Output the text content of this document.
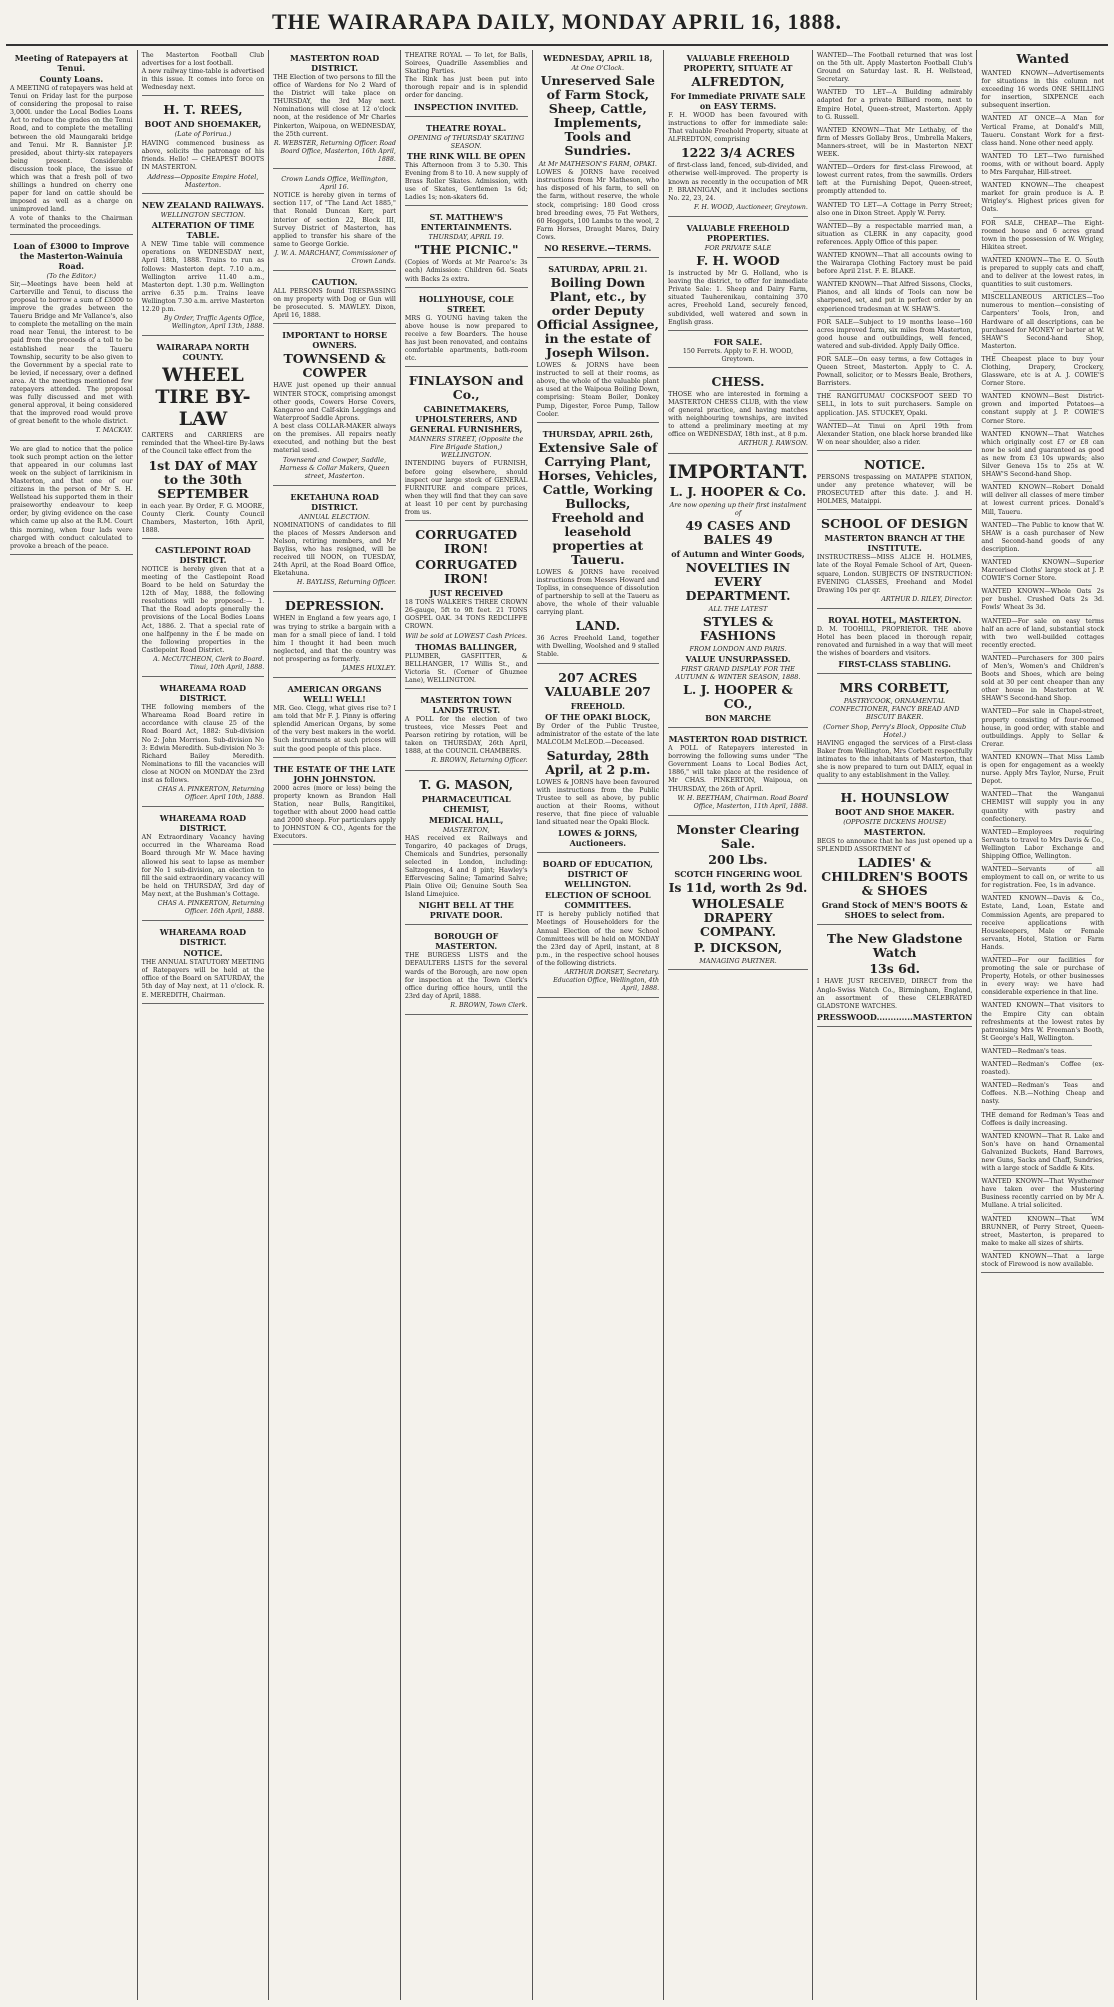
THE WAIRARAPA DAILY, MONDAY APRIL 16, 1888.
Meeting of Ratepayers at Tenui.
County Loans.

A MEETING of ratepayers was held at Tenui on Friday last for the purpose of considering the proposal to raise 3,000l. under the Local Bodies Loans Act to reduce the grades on the Tenui Road, and to complete the metalling between the old Maungaraki bridge and Tenui. Mr R. Bannister J.P. presided, about thirty-six ratepayers being present. Considerable discussion took place, the issue of which was that a fresh poll of two shillings a hundred on cherry one paper for land on cattle should be imposed as well as a charge on unimproved land.

A vote of thanks to the Chairman terminated the proceedings.

Loan of £3000 to Improve the Masterton-Wainuia Road.
(To the Editor.)

Sir,—Meetings have been held at Carterville and Tenui, to discuss the proposal to borrow a sum of £3000 to improve the grades between the Taueru Bridge and Mr Vallance's, also to complete the metalling on the main road near Tenui, the interest to be paid from the proceeds of a toll to be established near the Taueru Township, security to be also given to the Government by a special rate to be levied, if necessary, over a defined area. At the meetings mentioned few ratepayers attended. The proposal was fully discussed and met with general approval, it being considered that the improved road would prove of great benefit to the whole district.

T. MACKAY.

We are glad to notice that the police took such prompt action on the letter that appeared in our columns last week on the subject of larrikinism in Masterton, and that one of our citizens in the person of Mr S. H. Wellstead his supported them in their praiseworthy endeavour to keep order, by giving evidence on the case which came up also at the R.M. Court this morning, when four lads were charged with conduct calculated to provoke a breach of the peace.

The Masterton Football Club advertises for a lost football.

A new railway time-table is advertised in this issue. It comes into force on Wednesday next.

H. T. REES,
BOOT AND SHOEMAKER,
(Late of Porirua.)

HAVING commenced business as above, solicits the patronage of his friends. Hello! — CHEAPEST BOOTS IN MASTERTON.

Address—Opposite Empire Hotel, Masterton.
NEW ZEALAND RAILWAYS.
WELLINGTON SECTION.
ALTERATION OF TIME TABLE.

A NEW Time table will commence operations on WEDNESDAY next, April 18th, 1888. Trains to run as follows: Masterton dept. 7.10 a.m., Wellington arrive 11.40 a.m., Masterton dept. 1.30 p.m. Wellington arrive 6.35 p.m. Trains leave Wellington 7.30 a.m. arrive Masterton 12.20 p.m.

By Order, Traffic Agents Office, Wellington, April 13th, 1888.
WAIRARAPA NORTH COUNTY.
WHEEL TIRE BY-LAW

CARTERS and CARRIERS are reminded that the Wheel-tire By-laws of the Council take effect from the

1st DAY of MAY to the 30th SEPTEMBER

in each year. By Order, F. G. MOORE, County Clerk. County Council Chambers, Masterton, 16th April, 1888.

CASTLEPOINT ROAD DISTRICT.

NOTICE is hereby given that at a meeting of the Castlepoint Road Board to be held on Saturday the 12th of May, 1888, the following resolutions will be proposed:— 1. That the Road adopts generally the provisions of the Local Bodies Loans Act, 1886. 2. That a special rate of one halfpenny in the £ be made on the following properties in the Castlepoint Road District.

A. McCUTCHEON, Clerk to Board. Tinui, 10th April, 1888.
WHAREAMA ROAD DISTRICT.

THE following members of the Whareama Road Board retire in accordance with clause 25 of the Road Board Act, 1882: Sub-division No 2: John Morrison. Sub-division No 3: Edwin Meredith. Sub-division No 3: Richard Bailey Meredith. Nominations to fill the vacancies will close at NOON on MONDAY the 23rd inst as follows.

CHAS A. PINKERTON, Returning Officer. April 10th, 1888.
WHAREAMA ROAD DISTRICT.

AN Extraordinary Vacancy having occurred in the Whareama Road Board through Mr W. Mace having allowed his seat to lapse as member for No 1 sub-division, an election to fill the said extraordinary vacancy will be held on THURSDAY, 3rd day of May next, at the Bushman's Cottage.

CHAS A. PINKERTON, Returning Officer. 16th April, 1888.
WHAREAMA ROAD DISTRICT.
NOTICE.

THE ANNUAL STATUTORY MEETING of Ratepayers will be held at the office of the Board on SATURDAY, the 5th day of May next, at 11 o'clock. R. E. MEREDITH, Chairman.

MASTERTON ROAD DISTRICT.

THE Election of two persons to fill the office of Wardens for No 2 Ward of the District will take place on THURSDAY, the 3rd May next. Nominations will close at 12 o'clock noon, at the residence of Mr Charles Pinkerton, Waipoua, on WEDNESDAY, the 25th current.

R. WEBSTER, Returning Officer. Road Board Office, Masterton, 16th April, 1888.
Crown Lands Office, Wellington, April 16.

NOTICE is hereby given in terms of section 117, of "The Land Act 1885," that Ronald Duncan Kerr, part interior of section 22, Block III, Survey District of Masterton, has applied to transfer his share of the same to George Gorkie.

J. W. A. MARCHANT, Commissioner of Crown Lands.
CAUTION.

ALL PERSONS found TRESPASSING on my property with Dog or Gun will be prosecuted. S. MAWLEY. Dixon, April 16, 1888.

IMPORTANT to HORSE OWNERS.
TOWNSEND & COWPER

HAVE just opened up their annual WINTER STOCK, comprising amongst other goods, Cowers Horse Covers, Kangaroo and Calf-skin Leggings and Waterproof Saddle Aprons.

A best class COLLAR-MAKER always on the premises. All repairs neatly executed, and nothing but the best material used.

Townsend and Cowper, Saddle, Harness & Collar Makers, Queen street, Masterton.
EKETAHUNA ROAD DISTRICT.
ANNUAL ELECTION.

NOMINATIONS of candidates to fill the places of Messrs Anderson and Nelson, retiring members, and Mr Bayliss, who has resigned, will be received till NOON, on TUESDAY, 24th April, at the Road Board Office, Eketahuna.

H. BAYLISS, Returning Officer.
DEPRESSION.

WHEN in England a few years ago, I was trying to strike a bargain with a man for a small piece of land. I told him I thought it had been much neglected, and that the country was not prospering as formerly.

JAMES HUXLEY.
AMERICAN ORGANS WELL! WELL!

MR. Geo. Clegg, what gives rise to? I am told that Mr F. J. Pinny is offering splendid American Organs, by some of the very best makers in the world. Such instruments at such prices will suit the good people of this place.

THE ESTATE OF THE LATE JOHN JOHNSTON.

2000 acres (more or less) being the property known as Brandon Hall Station, near Bulls, Rangitikei, together with about 2000 head cattle and 2000 sheep. For particulars apply to JOHNSTON & CO., Agents for the Executors.

THEATRE ROYAL — To let, for Balls, Soirees, Quadrille Assemblies and Skating Parties.

The Rink has just been put into thorough repair and is in splendid order for dancing.

INSPECTION INVITED.
THEATRE ROYAL.
OPENING of THURSDAY SKATING SEASON.
THE RINK WILL BE OPEN

This Afternoon from 3 to 5.30. This Evening from 8 to 10. A new supply of Brass Roller Skates. Admission, with use of Skates, Gentlemen 1s 6d; Ladies 1s; non-skaters 6d.

ST. MATTHEW'S ENTERTAINMENTS.
THURSDAY, APRIL 19.
"THE PICNIC."

(Copies of Words at Mr Pearce's: 3s each) Admission: Children 6d. Seats with Backs 2s extra.

HOLLYHOUSE, COLE STREET.

MRS G. YOUNG having taken the above house is now prepared to receive a few Boarders. The house has just been renovated, and contains comfortable apartments, bath-room etc.

FINLAYSON and Co.,
CABINETMAKERS, UPHOLSTERERS, AND GENERAL FURNISHERS,
MANNERS STREET, (Opposite the Fire Brigade Station,) WELLINGTON.

INTENDING buyers of FURNISH, before going elsewhere, should inspect our large stock of GENERAL FURNITURE and compare prices, when they will find that they can save at least 10 per cent by purchasing from us.

CORRUGATED IRON!
CORRUGATED IRON!
JUST RECEIVED

18 TONS WALKER'S THREE CROWN 26-gauge, 5ft to 9ft feet. 21 TONS GOSPEL OAK. 34 TONS REDCLIFFE CROWN.

Will be sold at LOWEST Cash Prices.
THOMAS BALLINGER,

PLUMBER, GASFITTER, & BELLHANGER, 17 Willis St., and Victoria St. (Corner of Ghuznee Lane), WELLINGTON.

MASTERTON TOWN LANDS TRUST.

A POLL for the election of two trustees, vice Messrs Peet and Pearson retiring by rotation, will be taken on THURSDAY, 26th April, 1888, at the COUNCIL CHAMBERS.

R. BROWN, Returning Officer.
T. G. MASON,
PHARMACEUTICAL CHEMIST,
MEDICAL HALL,
MASTERTON,

HAS received ex Railways and Tongariro, 40 packages of Drugs, Chemicals and Sundries, personally selected in London, including: Saltzogenes, 4 and 8 pint; Hawley's Effervescing Saline; Tamarind Salve; Plain Olive Oil; Genuine South Sea Island Limejuice.

NIGHT BELL AT THE PRIVATE DOOR.
BOROUGH OF MASTERTON.

THE BURGESS LISTS and the DEFAULTERS LISTS for the several wards of the Borough, are now open for inspection at the Town Clerk's office during office hours, until the 23rd day of April, 1888.

R. BROWN, Town Clerk.
WEDNESDAY, APRIL 18,
At One O'Clock.
Unreserved Sale of Farm Stock, Sheep, Cattle, Implements, Tools and Sundries.
At Mr MATHESON'S FARM, OPAKI.

LOWES & JORNS have received instructions from Mr Matheson, who has disposed of his farm, to sell on the farm, without reserve, the whole stock, comprising: 180 Good cross bred breeding ewes, 75 Fat Wethers, 60 Hoggets, 100 Lambs to the wool, 2 Farm Horses, Draught Mares, Dairy Cows.

NO RESERVE.—TERMS.
SATURDAY, APRIL 21.
Boiling Down Plant, etc., by order Deputy Official Assignee, in the estate of Joseph Wilson.

LOWES & JORNS have been instructed to sell at their rooms, as above, the whole of the valuable plant as used at the Waipoua Boiling Down, comprising: Steam Boiler, Donkey Pump, Digester, Force Pump, Tallow Cooler.

THURSDAY, APRIL 26th,
Extensive Sale of Carrying Plant, Horses, Vehicles, Cattle, Working Bullocks, Freehold and leasehold properties at Taueru.

LOWES & JORNS have received instructions from Messrs Howard and Topliss, in consequence of dissolution of partnership to sell at the Taueru as above, the whole of their valuable carrying plant.

LAND.

36 Acres Freehold Land, together with Dwelling, Woolshed and 9 stalled Stable.

207 ACRES VALUABLE 207
FREEHOLD.
OF THE OPAKI BLOCK,

By Order of the Public Trustee, administrator of the estate of the late MALCOLM McLEOD.—Deceased.

Saturday, 28th April, at 2 p.m.

LOWES & JORNS have been favoured with instructions from the Public Trustee to sell as above, by public auction at their Rooms, without reserve, that fine piece of valuable land situated near the Opaki Block.

LOWES & JORNS, Auctioneers.
BOARD OF EDUCATION, DISTRICT OF WELLINGTON.
ELECTION OF SCHOOL COMMITTEES.

IT is hereby publicly notified that Meetings of Householders for the Annual Election of the new School Committees will be held on MONDAY the 23rd day of April, instant, at 8 p.m., in the respective school houses of the following districts.

ARTHUR DORSET, Secretary. Education Office, Wellington, 4th April, 1888.
VALUABLE FREEHOLD PROPERTY, SITUATE AT
ALFREDTON,
For Immediate PRIVATE SALE on EASY TERMS.

F. H. WOOD has been favoured with instructions to offer for immediate sale: That valuable Freehold Property, situate at ALFREDTON, comprising

1222 3/4 ACRES

of first-class land, fenced, sub-divided, and otherwise well-improved. The property is known as recently in the occupation of MR P. BRANNIGAN, and it includes sections No. 22, 23, 24.

F. H. WOOD, Auctioneer, Greytown.
VALUABLE FREEHOLD PROPERTIES.
FOR PRIVATE SALE
F. H. WOOD

Is instructed by Mr G. Holland, who is leaving the district, to offer for immediate Private Sale: 1. Sheep and Dairy Farm, situated Tauherenikau, containing 370 acres, Freehold Land, securely fenced, subdivided, well watered and sown in English grass.

FOR SALE.

150 Ferrets. Apply to F. H. WOOD, Greytown.

CHESS.

THOSE who are interested in forming a MASTERTON CHESS CLUB, with the view of general practice, and having matches with neighbouring townships, are invited to attend a preliminary meeting at my office on WEDNESDAY, 18th inst., at 8 p.m.

ARTHUR J. RAWSON.
IMPORTANT.
L. J. HOOPER & Co.
Are now opening up their first instalment of
49 CASES AND BALES 49
of Autumn and Winter Goods,
NOVELTIES IN EVERY DEPARTMENT.
ALL THE LATEST
STYLES & FASHIONS
FROM LONDON AND PARIS.
VALUE UNSURPASSED.
FIRST GRAND DISPLAY FOR THE AUTUMN & WINTER SEASON, 1888.
L. J. HOOPER & CO.,
BON MARCHE
MASTERTON ROAD DISTRICT.

A POLL of Ratepayers interested in borrowing the following sums under "The Government Loans to Local Bodies Act, 1886," will take place at the residence of Mr CHAS. PINKERTON, Waipoua, on THURSDAY, the 26th of April.

W. H. BEETHAM, Chairman. Road Board Office, Masterton, 11th April, 1888.
Monster Clearing Sale.
200 Lbs.
SCOTCH FINGERING WOOL
Is 11d, worth 2s 9d.
WHOLESALE DRAPERY COMPANY.
P. DICKSON,
MANAGING PARTNER.

WANTED—The Football returned that was lost on the 5th ult. Apply Masterton Football Club's Ground on Saturday last. R. H. Wellstead, Secretary.

WANTED TO LET—A Building admirably adapted for a private Billiard room, next to Empire Hotel, Queen-street, Masterton. Apply to G. Russell.

WANTED KNOWN—That Mr Lethaby, of the firm of Messrs Gollaby Bros., Umbrella Makers, Manners-street, will be in Masterton NEXT WEEK.

WANTED—Orders for first-class Firewood, at lowest current rates, from the sawmills. Orders left at the Furnishing Depot, Queen-street, promptly attended to.

WANTED TO LET—A Cottage in Perry Street; also one in Dixon Street. Apply W. Perry.

WANTED—By a respectable married man, a situation as CLERK in any capacity, good references. Apply Office of this paper.

WANTED KNOWN—That all accounts owing to the Wairarapa Clothing Factory must be paid before April 21st. F. E. BLAKE.

WANTED KNOWN—That Alfred Sissons, Clocks, Pianos, and all kinds of Tools can now be sharpened, set, and put in perfect order by an experienced tradesman at W. SHAW'S.

FOR SALE—Subject to 19 months lease—160 acres improved farm, six miles from Masterton, good house and outbuildings, well fenced, watered and sub-divided. Apply Daily Office.

FOR SALE—On easy terms, a few Cottages in Queen Street, Masterton. Apply to C. A. Pownall, solicitor, or to Messrs Beale, Brothers, Barristers.

THE RANGITUMAU COCKSFOOT SEED TO SELL, in lots to suit purchasers. Sample on application. JAS. STUCKEY, Opaki.

WANTED—At Tinui on April 19th from Alexander Station, one black horse branded like W on near shoulder, also a rider.

NOTICE.

PERSONS trespassing on MATAPPE STATION, under any pretence whatever, will be PROSECUTED after this date. J. and H. HOLMES, Mataippi.

SCHOOL OF DESIGN
MASTERTON BRANCH AT THE INSTITUTE.

INSTRUCTRESS—MISS ALICE H. HOLMES, late of the Royal Female School of Art, Queen-square, London. SUBJECTS OF INSTRUCTION: EVENING CLASSES, Freehand and Model Drawing 10s per qr.

ARTHUR D. RILEY, Director.
ROYAL HOTEL, MASTERTON.

D. M. TOOHILL, PROPRIETOR. THE above Hotel has been placed in thorough repair, renovated and furnished in a way that will meet the wishes of boarders and visitors.

FIRST-CLASS STABLING.
MRS CORBETT,
PASTRYCOOK, ORNAMENTAL CONFECTIONER, FANCY BREAD AND BISCUIT BAKER.
(Corner Shop, Perry's Block, Opposite Club Hotel.)

HAVING engaged the services of a First-class Baker from Wellington, Mrs Corbett respectfully intimates to the inhabitants of Masterton, that she is now prepared to turn out DAILY, equal in quality to any establishment in the Valley.

H. HOUNSLOW
BOOT AND SHOE MAKER.
(OPPOSITE DICKENS HOUSE)
MASTERTON.

BEGS to announce that he has just opened up a SPLENDID ASSORTMENT of

LADIES' & CHILDREN'S BOOTS & SHOES
Grand Stock of MEN'S BOOTS & SHOES to select from.
The New Gladstone Watch
13s 6d.

I HAVE JUST RECEIVED, DIRECT from the Anglo-Swiss Watch Co., Birmingham, England, an assortment of these CELEBRATED GLADSTONE WATCHES.

PRESSWOOD.............MASTERTON
Wanted

WANTED KNOWN—Advertisements for situations in this column not exceeding 16 words ONE SHILLING for insertion, SIXPENCE each subsequent insertion.

WANTED AT ONCE—A Man for Vertical Frame, at Donald's Mill, Taueru. Constant Work for a first-class hand. None other need apply.

WANTED TO LET—Two furnished rooms, with or without board. Apply to Mrs Farquhar, Hill-street.

WANTED KNOWN—The cheapest market for grain produce is A. P. Wrigley's. Highest prices given for Oats.

FOR SALE, CHEAP—The Eight-roomed house and 6 acres grand town in the possession of W. Wrigley, Hikitea street.

WANTED KNOWN—The E. O. South is prepared to supply cats and chaff, and to deliver at the lowest rates, in quantities to suit customers.

MISCELLANEOUS ARTICLES—Too numerous to mention—consisting of Carpenters' Tools, Iron, and Hardware of all descriptions, can be purchased for MONEY or barter at W. SHAW'S Second-hand Shop, Masterton.

THE Cheapest place to buy your Clothing, Drapery, Crockery, Glassware, etc is at A. J. COWIE'S Corner Store.

WANTED KNOWN—Best District-grown and imported Potatoes—a constant supply at J. P. COWIE'S Corner Store.

WANTED KNOWN—That Watches which originally cost £7 or £8 can now be sold and guaranteed as good as new from £3 10s upwards; also Silver Geneva 15s to 25s at W. SHAW'S Second-hand Shop.

WANTED KNOWN—Robert Donald will deliver all classes of mere timber at lowest current prices. Donald's Mill, Taueru.

WANTED—The Public to know that W. SHAW is a cash purchaser of New and Second-hand goods of any description.

WANTED KNOWN—Superior Marcerised Cloths' large stock at J. P. COWIE'S Corner Store.

WANTED KNOWN—Whole Oats 2s per bushel. Crushed Oats 2s 3d. Fowls' Wheat 3s 3d.

WANTED—For sale on easy terms half an acre of land, substantial stock with two well-builded cottages recently erected.

WANTED—Purchasers for 300 pairs of Men's, Women's and Children's Boots and Shoes, which are being sold at 30 per cent cheaper than any other house in Masterton at W. SHAW'S Second-hand Shop.

WANTED—For sale in Chapel-street, property consisting of four-roomed house, in good order, with stable and outbuildings. Apply to Sellar & Crerar.

WANTED KNOWN—That Miss Lamb is open for engagement as a weekly nurse. Apply Mrs Taylor, Nurse, Fruit Depot.

WANTED—That the Wanganui CHEMIST will supply you in any quantity with pastry and confectionery.

WANTED—Employees requiring Servants to travel to Mrs Davis & Co., Wellington Labor Exchange and Shipping Office, Wellington.

WANTED—Servants of all employment to call on, or write to us for registration. Fee, 1s in advance.

WANTED KNOWN—Davis & Co., Estate, Land, Loan, Estate and Commission Agents, are prepared to receive applications with Housekeepers, Male or Female servants, Hotel, Station or Farm Hands.

WANTED—For our facilities for promoting the sale or purchase of Property, Hotels, or other businesses in every way: we have had considerable experience in that line.

WANTED KNOWN—That visitors to the Empire City can obtain refreshments at the lowest rates by patronising Mrs W. Freeman's Booth, St George's Hall, Wellington.

WANTED—Redman's teas.

WANTED—Redman's Coffee (ex-roasted).

WANTED—Redman's Teas and Coffees. N.B.—Nothing Cheap and nasty.

THE demand for Redman's Teas and Coffees is daily increasing.

WANTED KNOWN—That R. Lake and Son's have on hand Ornamental Galvanized Buckets, Hand Barrows, new Guns, Sacks and Chaff, Sundries, with a large stock of Saddle & Kits.

WANTED KNOWN—That Wysthemer have taken over the Mustering Business recently carried on by Mr A. Mullane. A trial solicited.

WANTED KNOWN—That WM BRUNNER, of Perry Street, Queen-street, Masterton, is prepared to make to make all sizes of shirts.

WANTED KNOWN—That a large stock of Firewood is now available.
